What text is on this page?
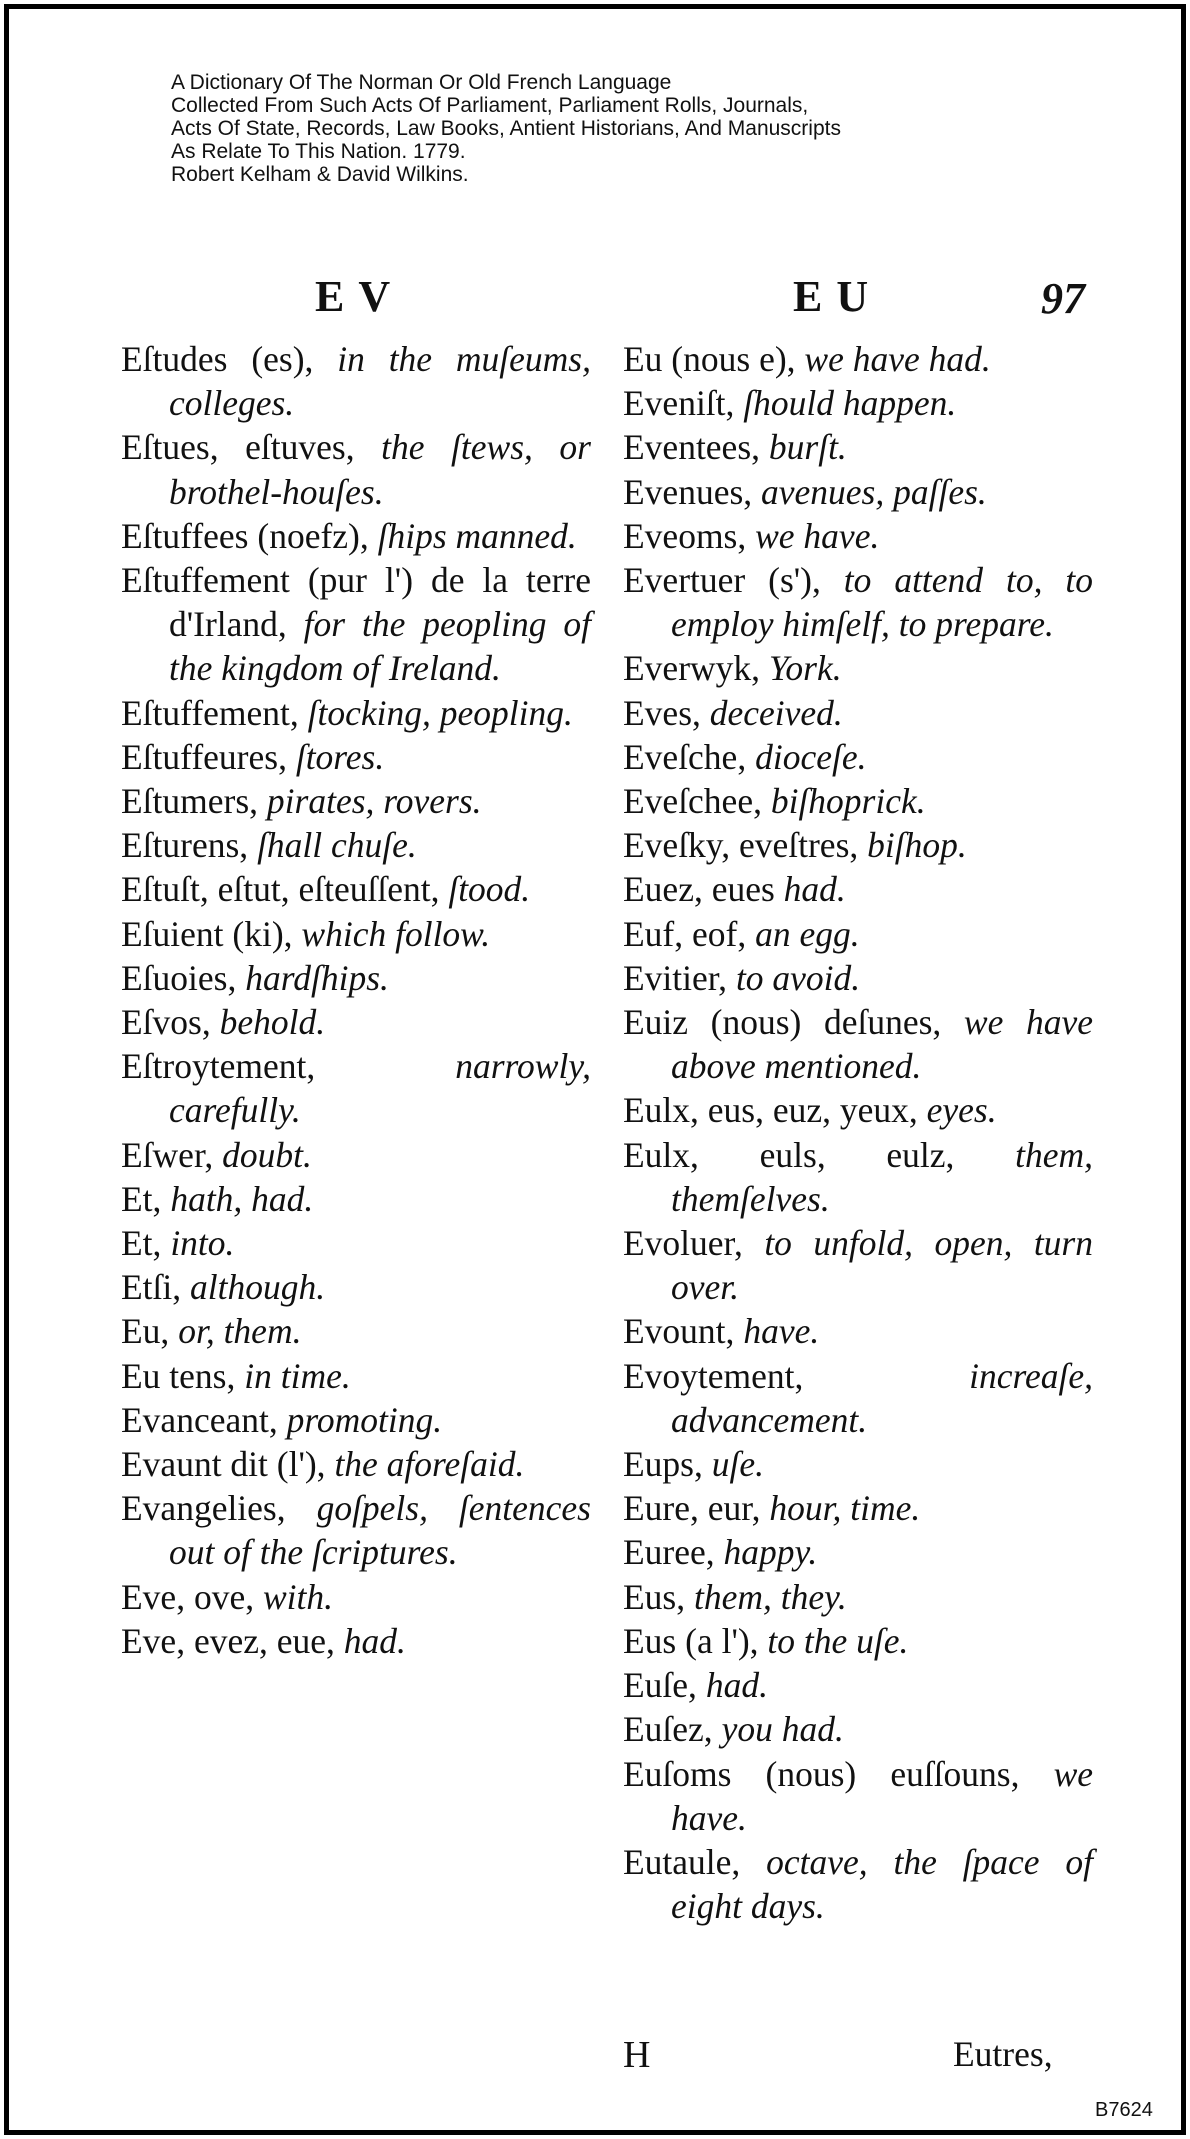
A Dictionary Of The Norman Or Old French Language
Collected From Such Acts Of Parliament, Parliament Rolls, Journals,
Acts Of State, Records, Law Books, Antient Historians, And Manuscripts
As Relate To This Nation. 1779.
Robert Kelham & David Wilkins.
EV	EU	97
Eſtudes (es), in the muſeums, colleges.
Eſtues, eſtuves, the ſtews, or brothel-houſes.
Eſtuffees (noefz), ſhips manned.
Eſtuffement (pur l') de la terre d'Irland, for the peopling of the kingdom of Ireland.
Eſtuffement, ſtocking, peopling.
Eſtuffeures, ſtores.
Eſtumers, pirates, rovers.
Eſturens, ſhall chuſe.
Eſtuſt, eſtut, eſteuſſent, ſtood.
Eſuient (ki), which follow.
Eſuoies, hardſhips.
Eſvos, behold.
Eſtroytement, narrowly, carefully.
Eſwer, doubt.
Et, hath, had.
Et, into.
Etſi, although.
Eu, or, them.
Eu tens, in time.
Evanceant, promoting.
Evaunt dit (l'), the aforeſaid.
Evangelies, goſpels, ſentences out of the ſcriptures.
Eve, ove, with.
Eve, evez, eue, had.
Eu (nous e), we have had.
Eveniſt, ſhould happen.
Eventees, burſt.
Evenues, avenues, paſſes.
Eveoms, we have.
Evertuer (s'), to attend to, to employ himſelf, to prepare.
Everwyk, York.
Eves, deceived.
Eveſche, dioceſe.
Eveſchee, biſhoprick.
Eveſky, eveſtres, biſhop.
Euez, eues had.
Euf, eof, an egg.
Evitier, to avoid.
Euiz (nous) deſunes, we have above mentioned.
Eulx, eus, euz, yeux, eyes.
Eulx, euls, eulz, them, themſelves.
Evoluer, to unfold, open, turn over.
Evount, have.
Evoytement, increaſe, advancement.
Eups, uſe.
Eure, eur, hour, time.
Euree, happy.
Eus, them, they.
Eus (a l'), to the uſe.
Euſe, had.
Euſez, you had.
Euſoms (nous) euſſouns, we have.
Eutaule, octave, the ſpace of eight days.
H	Eutres,
B7624
